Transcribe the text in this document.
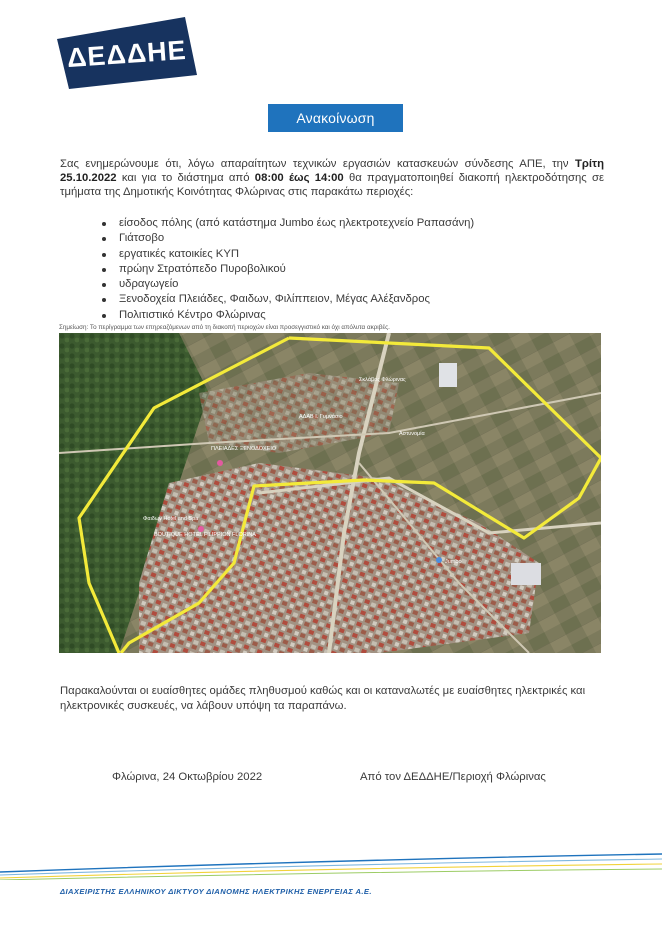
ΔΕΔΔΗΕ
Ανακοίνωση
Σας ενημερώνουμε ότι, λόγω απαραίτητων τεχνικών εργασιών κατασκευών σύνδεσης ΑΠΕ, την Τρίτη 25.10.2022 και για το διάστημα από 08:00 έως 14:00 θα πραγματοποιηθεί διακοπή ηλεκτροδότησης σε τμήματα της Δημοτικής Κοινότητας Φλώρινας στις παρακάτω περιοχές:
είσοδος πόλης (από κατάστημα Jumbo έως ηλεκτροτεχνείο Ραπασάνη)
Γιάτσοβο
εργατικές κατοικίες ΚΥΠ
πρώην Στρατόπεδο Πυροβολικού
υδραγωγείο
Ξενοδοχεία Πλειάδες, Φαιδων, Φιλίππειον, Μέγας Αλέξανδρος
Πολιτιστικό Κέντρο Φλώρινας
Σημείωση: Το περίγραμμα των επηρεαζόμενων από τη διακοπή περιοχών είναι προσεγγιστικό και όχι απόλυτα ακριβές.
ΠΛΕΙΑΔΕΣ ΞΕΝΟΔΟΧΕΙΟ
BOUTIQUE HOTEL FILIPPION FLORINA
Φαιδων Hotel and Spa
ΑΔΑΒ Ι. Γυμνάσιο
Jumbo
Αστυνομία
Σκλάβος Φλώρινας
Παρακαλούνται οι ευαίσθητες ομάδες πληθυσμού καθώς και οι καταναλωτές με ευαίσθητες ηλεκτρικές και ηλεκτρονικές συσκευές, να λάβουν υπόψη τα παραπάνω.
Φλώρινα, 24 Οκτωβρίου 2022	Από τον ΔΕΔΔΗΕ/Περιοχή Φλώρινας
ΔΙΑΧΕΙΡΙΣΤΗΣ ΕΛΛΗΝΙΚΟΥ ΔΙΚΤΥΟΥ ΔΙΑΝΟΜΗΣ ΗΛΕΚΤΡΙΚΗΣ ΕΝΕΡΓΕΙΑΣ Α.Ε.
